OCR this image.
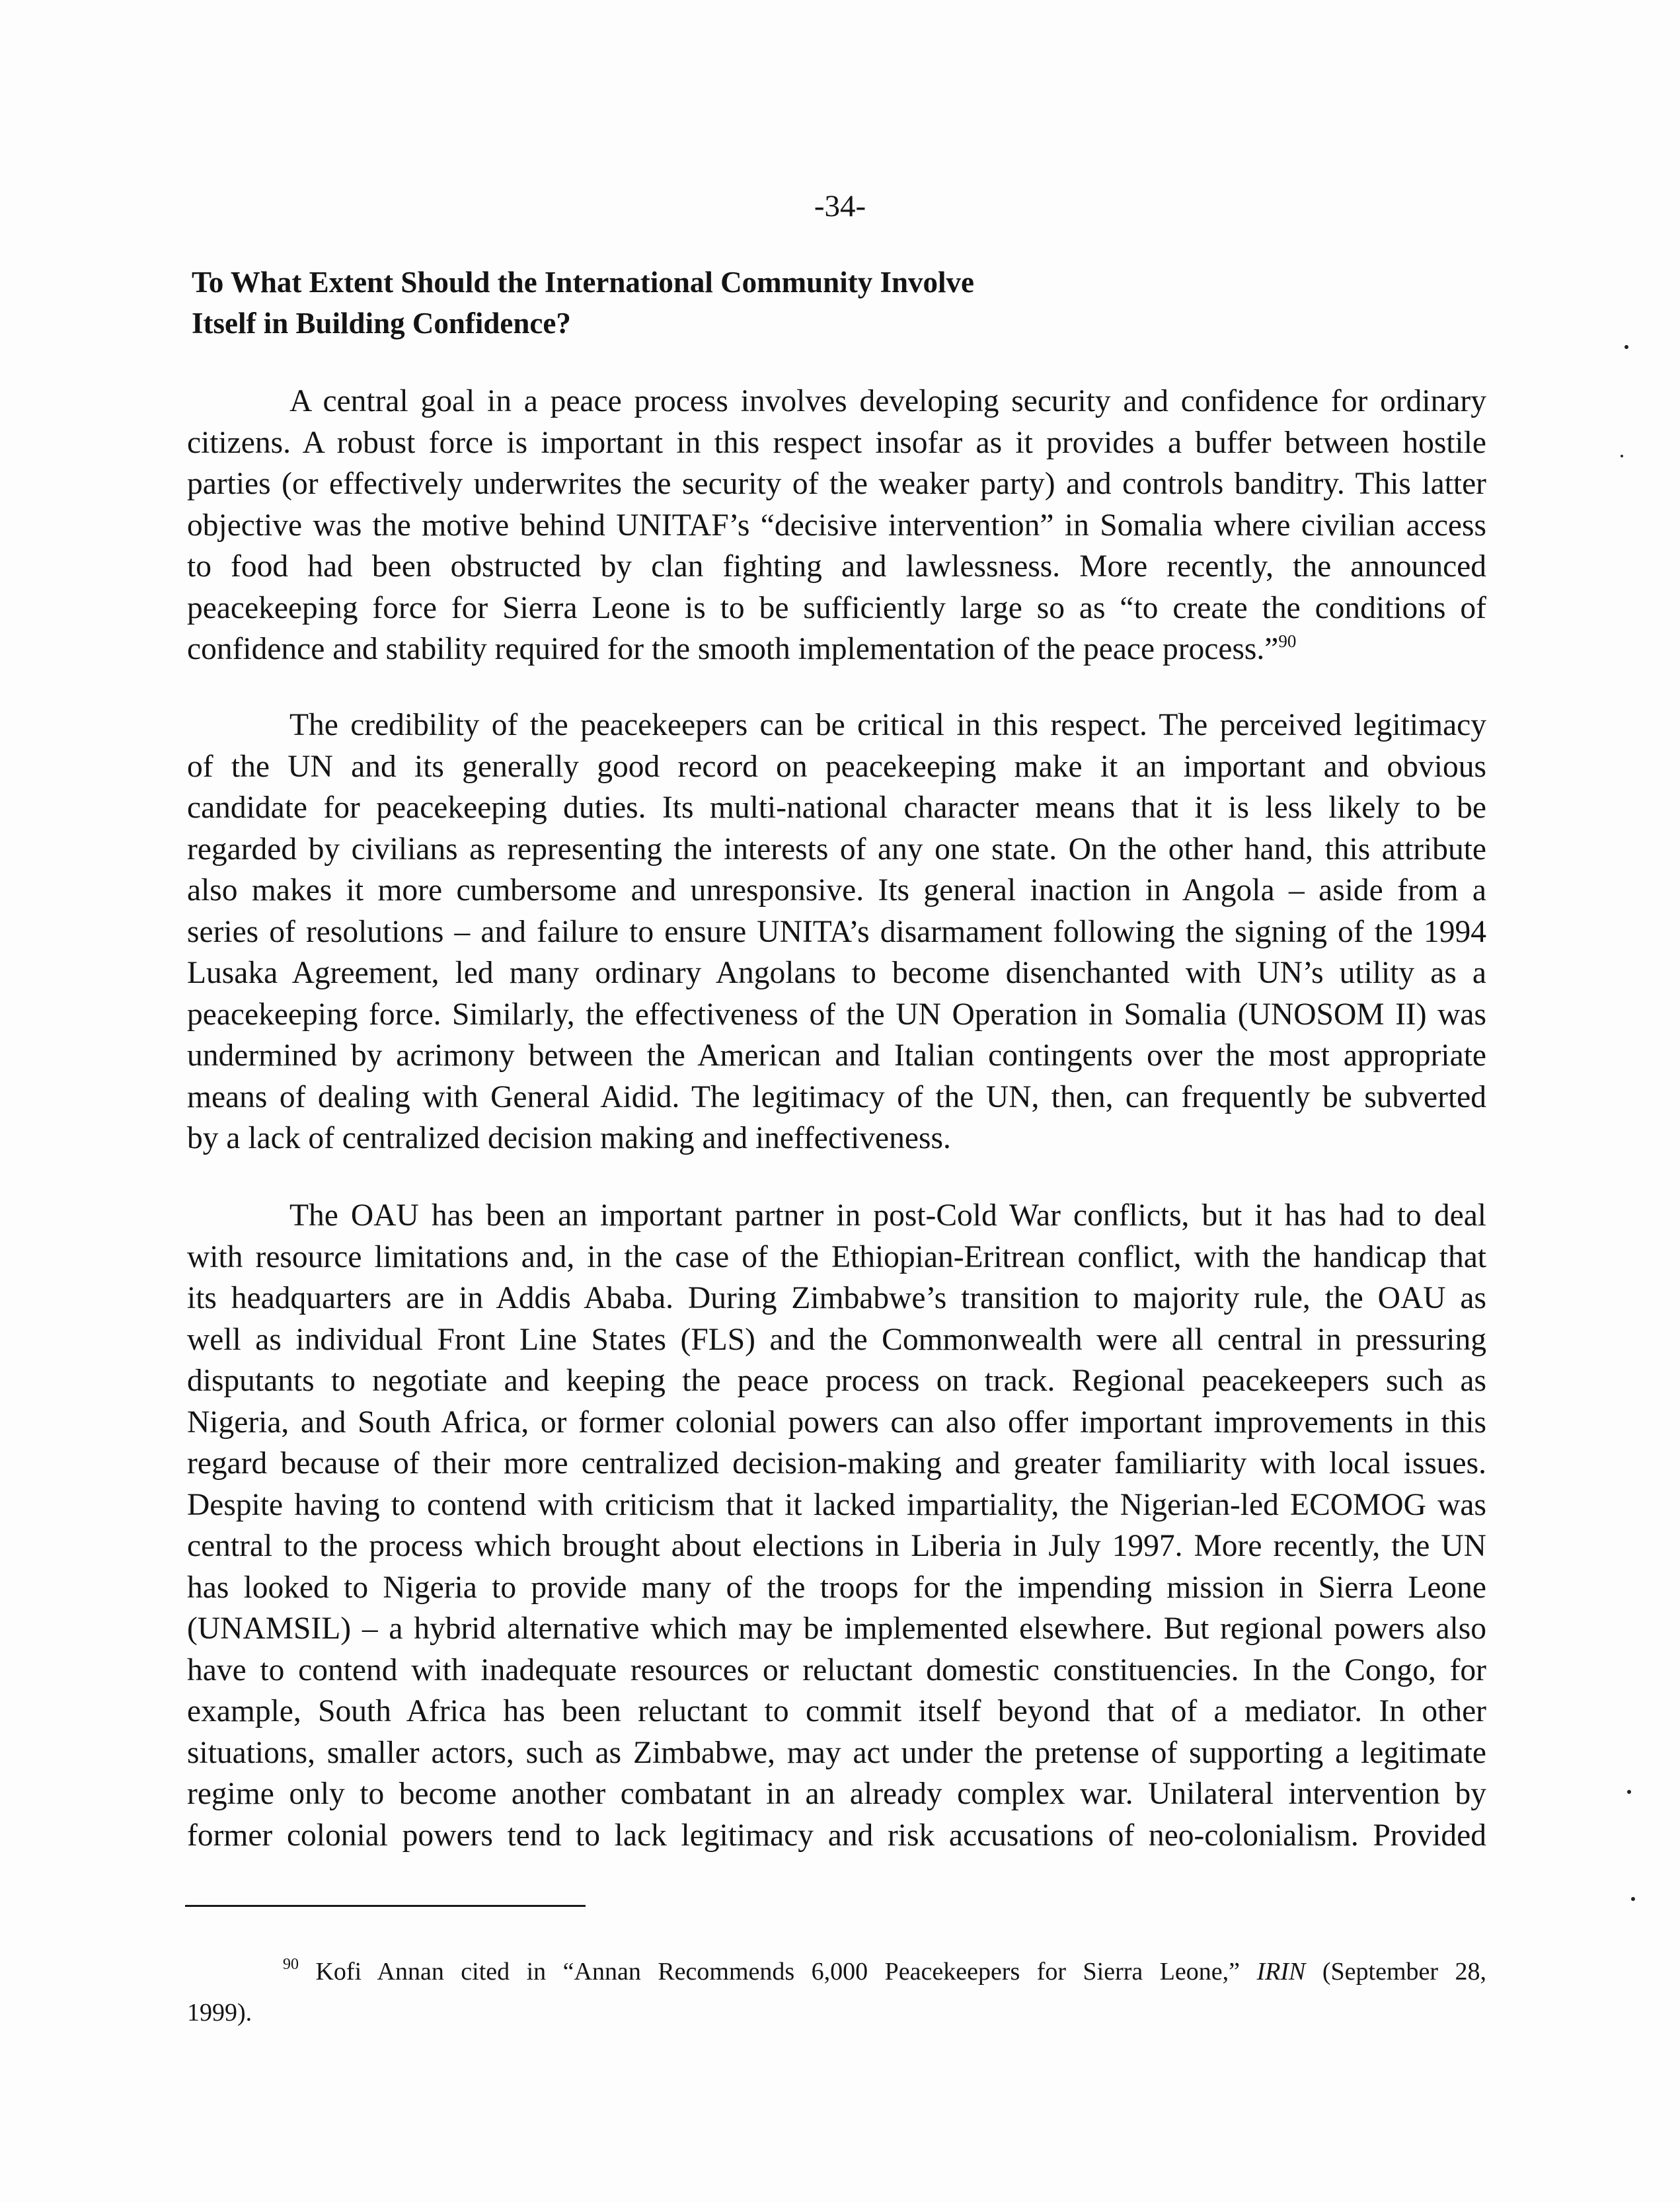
-34-
To What Extent Should the International Community Involve
Itself in Building Confidence?
A central goal in a peace process involves developing security and confidence for ordinary
citizens. A robust force is important in this respect insofar as it provides a buffer between hostile
parties (or effectively underwrites the security of the weaker party) and controls banditry. This latter
objective was the motive behind UNITAF’s “decisive intervention” in Somalia where civilian access
to food had been obstructed by clan fighting and lawlessness. More recently, the announced
peacekeeping force for Sierra Leone is to be sufficiently large so as “to create the conditions of
confidence and stability required for the smooth implementation of the peace process.”$^{90}$
The credibility of the peacekeepers can be critical in this respect. The perceived legitimacy
of the UN and its generally good record on peacekeeping make it an important and obvious
candidate for peacekeeping duties. Its multi-national character means that it is less likely to be
regarded by civilians as representing the interests of any one state. On the other hand, this attribute
also makes it more cumbersome and unresponsive. Its general inaction in Angola – aside from a
series of resolutions – and failure to ensure UNITA’s disarmament following the signing of the 1994
Lusaka Agreement, led many ordinary Angolans to become disenchanted with UN’s utility as a
peacekeeping force. Similarly, the effectiveness of the UN Operation in Somalia (UNOSOM II) was
undermined by acrimony between the American and Italian contingents over the most appropriate
means of dealing with General Aidid. The legitimacy of the UN, then, can frequently be subverted
by a lack of centralized decision making and ineffectiveness.
The OAU has been an important partner in post-Cold War conflicts, but it has had to deal
with resource limitations and, in the case of the Ethiopian-Eritrean conflict, with the handicap that
its headquarters are in Addis Ababa. During Zimbabwe’s transition to majority rule, the OAU as
well as individual Front Line States (FLS) and the Commonwealth were all central in pressuring
disputants to negotiate and keeping the peace process on track. Regional peacekeepers such as
Nigeria, and South Africa, or former colonial powers can also offer important improvements in this
regard because of their more centralized decision-making and greater familiarity with local issues.
Despite having to contend with criticism that it lacked impartiality, the Nigerian-led ECOMOG was
central to the process which brought about elections in Liberia in July 1997. More recently, the UN
has looked to Nigeria to provide many of the troops for the impending mission in Sierra Leone
(UNAMSIL) – a hybrid alternative which may be implemented elsewhere. But regional powers also
have to contend with inadequate resources or reluctant domestic constituencies. In the Congo, for
example, South Africa has been reluctant to commit itself beyond that of a mediator. In other
situations, smaller actors, such as Zimbabwe, may act under the pretense of supporting a legitimate
regime only to become another combatant in an already complex war. Unilateral intervention by
former colonial powers tend to lack legitimacy and risk accusations of neo-colonialism. Provided
$^{90}$ Kofi Annan cited in “Annan Recommends 6,000 Peacekeepers for Sierra Leone,” IRIN (September 28,
1999).
